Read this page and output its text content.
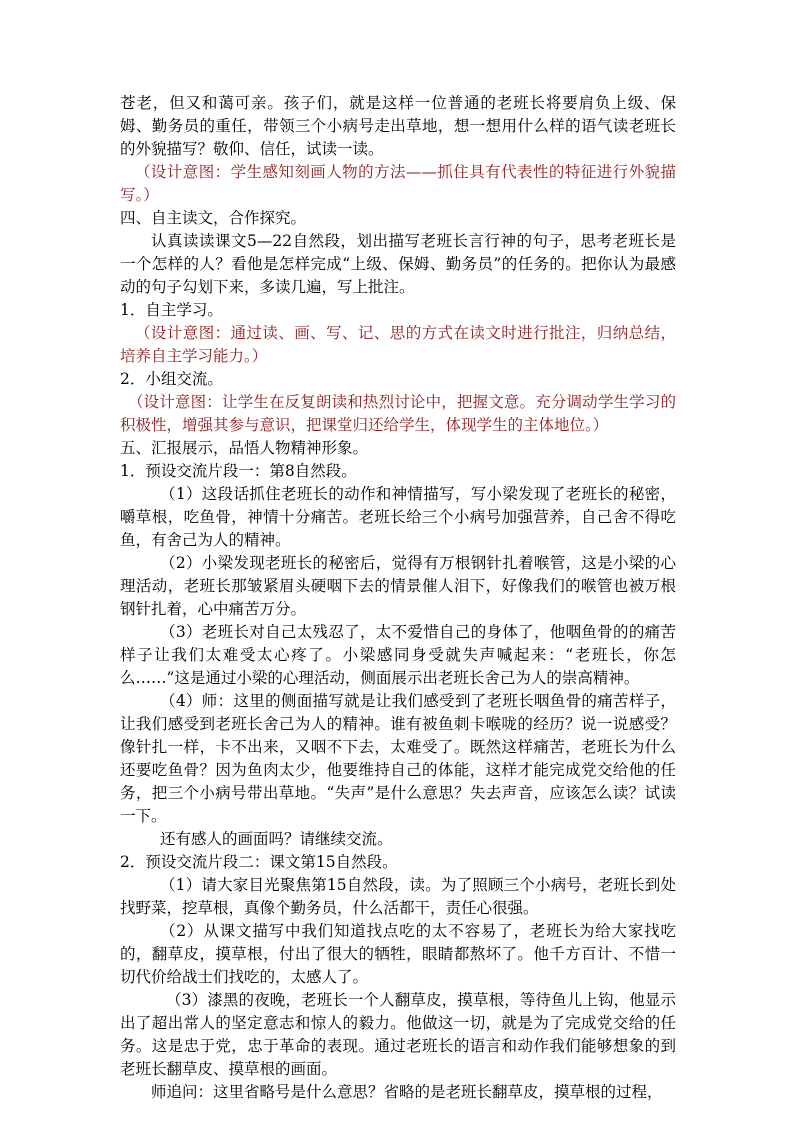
苍老，但又和蔼可亲。孩子们，就是这样一位普通的老班长将要肩负上级、保姆、勤务员的重任，带领三个小病号走出草地，想一想用什么样的语气读老班长的外貌描写？敬仰、信任，试读一读。

（设计意图：学生感知刻画人物的方法——抓住具有代表性的特征进行外貌描写。）

四、自主读文，合作探究。

认真读读课文5—22自然段，划出描写老班长言行神的句子，思考老班长是一个怎样的人？看他是怎样完成“上级、保姆、勤务员”的任务的。把你认为最感动的句子勾划下来，多读几遍，写上批注。

1．自主学习。

（设计意图：通过读、画、写、记、思的方式在读文时进行批注，归纳总结，培养自主学习能力。）

2．小组交流。

（设计意图：让学生在反复朗读和热烈讨论中，把握文意。充分调动学生学习的积极性，增强其参与意识，把课堂归还给学生，体现学生的主体地位。）

五、汇报展示，品悟人物精神形象。

1．预设交流片段一：第8自然段。

（1）这段话抓住老班长的动作和神情描写，写小梁发现了老班长的秘密，嚼草根，吃鱼骨，神情十分痛苦。老班长给三个小病号加强营养，自己舍不得吃鱼，有舍己为人的精神。

（2）小梁发现老班长的秘密后，觉得有万根钢针扎着喉管，这是小梁的心理活动，老班长那皱紧眉头硬咽下去的情景催人泪下，好像我们的喉管也被万根钢针扎着，心中痛苦万分。

（3）老班长对自己太残忍了，太不爱惜自己的身体了，他咽鱼骨的的痛苦样子让我们太难受太心疼了。小梁感同身受就失声喊起来：“老班长，你怎么……”这是通过小梁的心理活动，侧面展示出老班长舍己为人的崇高精神。

（4）师：这里的侧面描写就是让我们感受到了老班长咽鱼骨的痛苦样子，让我们感受到老班长舍己为人的精神。谁有被鱼刺卡喉咙的经历？说一说感受？像针扎一样，卡不出来，又咽不下去，太难受了。既然这样痛苦，老班长为什么还要吃鱼骨？因为鱼肉太少，他要维持自己的体能，这样才能完成党交给他的任务，把三个小病号带出草地。“失声”是什么意思？失去声音，应该怎么读？试读一下。

还有感人的画面吗？请继续交流。

2．预设交流片段二：课文第15自然段。

（1）请大家目光聚焦第15自然段，读。为了照顾三个小病号，老班长到处找野菜，挖草根，真像个勤务员，什么活都干，责任心很强。

（2）从课文描写中我们知道找点吃的太不容易了，老班长为给大家找吃的，翻草皮，摸草根，付出了很大的牺牲，眼睛都熬坏了。他千方百计、不惜一切代价给战士们找吃的，太感人了。

（3）漆黑的夜晚，老班长一个人翻草皮，摸草根，等待鱼儿上钩，他显示出了超出常人的坚定意志和惊人的毅力。他做这一切，就是为了完成党交给的任务。这是忠于党，忠于革命的表现。通过老班长的语言和动作我们能够想象的到老班长翻草皮、摸草根的画面。

师追问：这里省略号是什么意思？省略的是老班长翻草皮，摸草根的过程，
